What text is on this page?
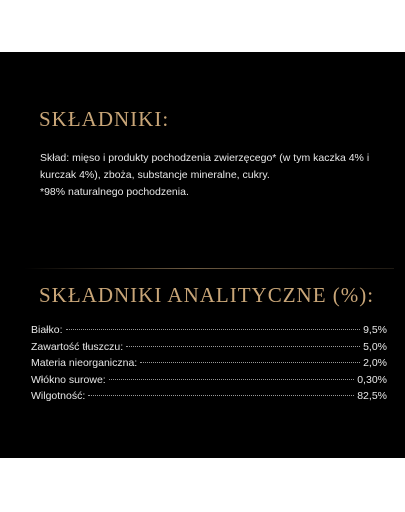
SKŁADNIKI:

Skład: mięso i produkty pochodzenia zwierzęcego* (w tym kaczka 4% i kurczak 4%), zboża, substancje mineralne, cukry.

*98% naturalnego pochodzenia.

SKŁADNIKI ANALITYCZNE (%):
Białko:	9,5%
Zawartość tłuszczu:	5,0%
Materia nieorganiczna:	2,0%
Włókno surowe:	0,30%
Wilgotność:	82,5%
